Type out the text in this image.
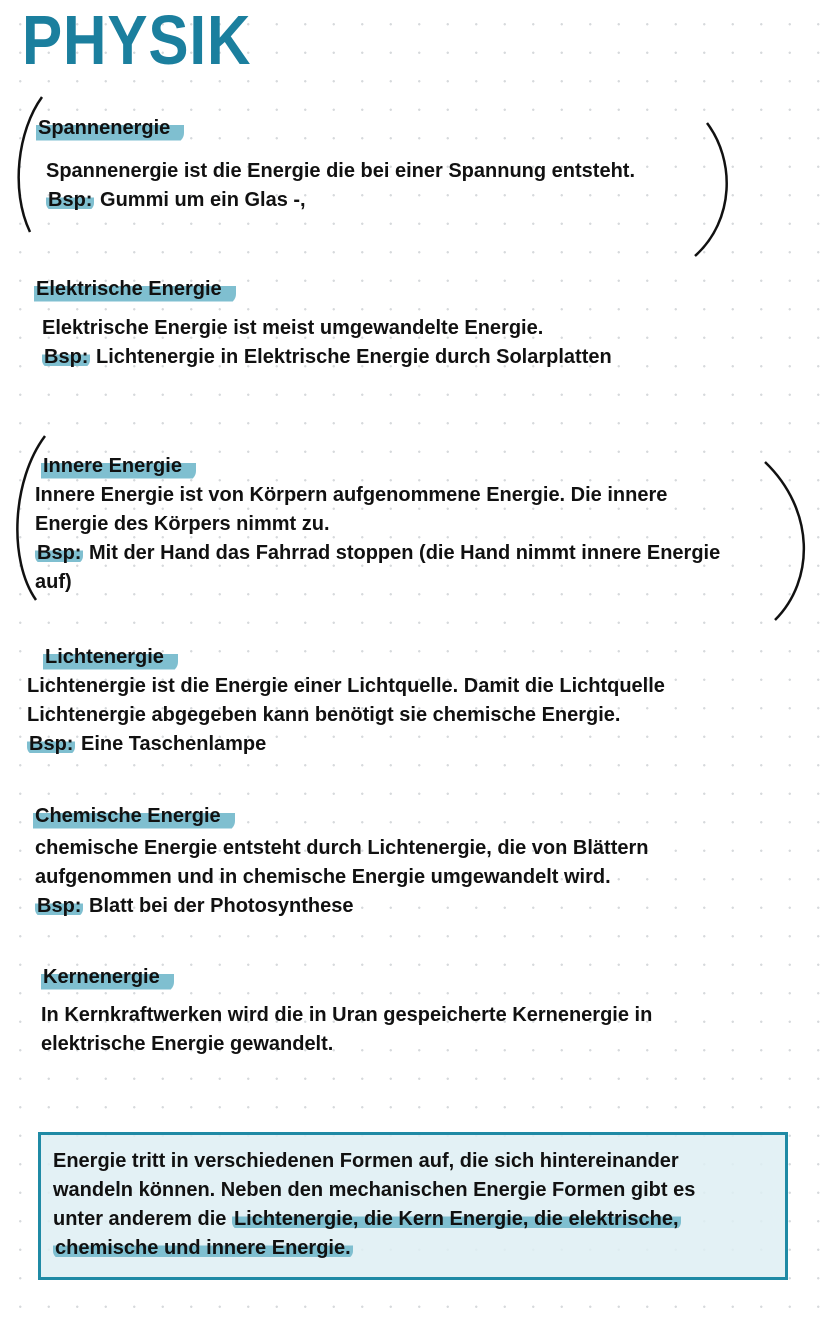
PHYSIK
Spannenergie
Spannenergie ist die Energie die bei einer Spannung entsteht.
Bsp: Gummi um ein Glas -,
Elektrische Energie
Elektrische Energie ist meist umgewandelte Energie.
Bsp: Lichtenergie in Elektrische Energie durch Solarplatten
Innere Energie
Innere Energie ist von Körpern aufgenommene Energie. Die innere
Energie des Körpers nimmt zu.
Bsp: Mit der Hand das Fahrrad stoppen (die Hand nimmt innere Energie
auf)
Lichtenergie
Lichtenergie ist die Energie einer Lichtquelle. Damit die Lichtquelle
Lichtenergie abgegeben kann benötigt sie chemische Energie.
Bsp: Eine Taschenlampe
Chemische Energie
chemische Energie entsteht durch Lichtenergie, die von Blättern
aufgenommen und in chemische Energie umgewandelt wird.
Bsp: Blatt bei der Photosynthese
Kernenergie
In Kernkraftwerken wird die in Uran gespeicherte Kernenergie in
elektrische Energie gewandelt.
Energie tritt in verschiedenen Formen auf, die sich hintereinander
wandeln können. Neben den mechanischen Energie Formen gibt es
unter anderem die Lichtenergie, die Kern Energie, die elektrische,
chemische und innere Energie.
